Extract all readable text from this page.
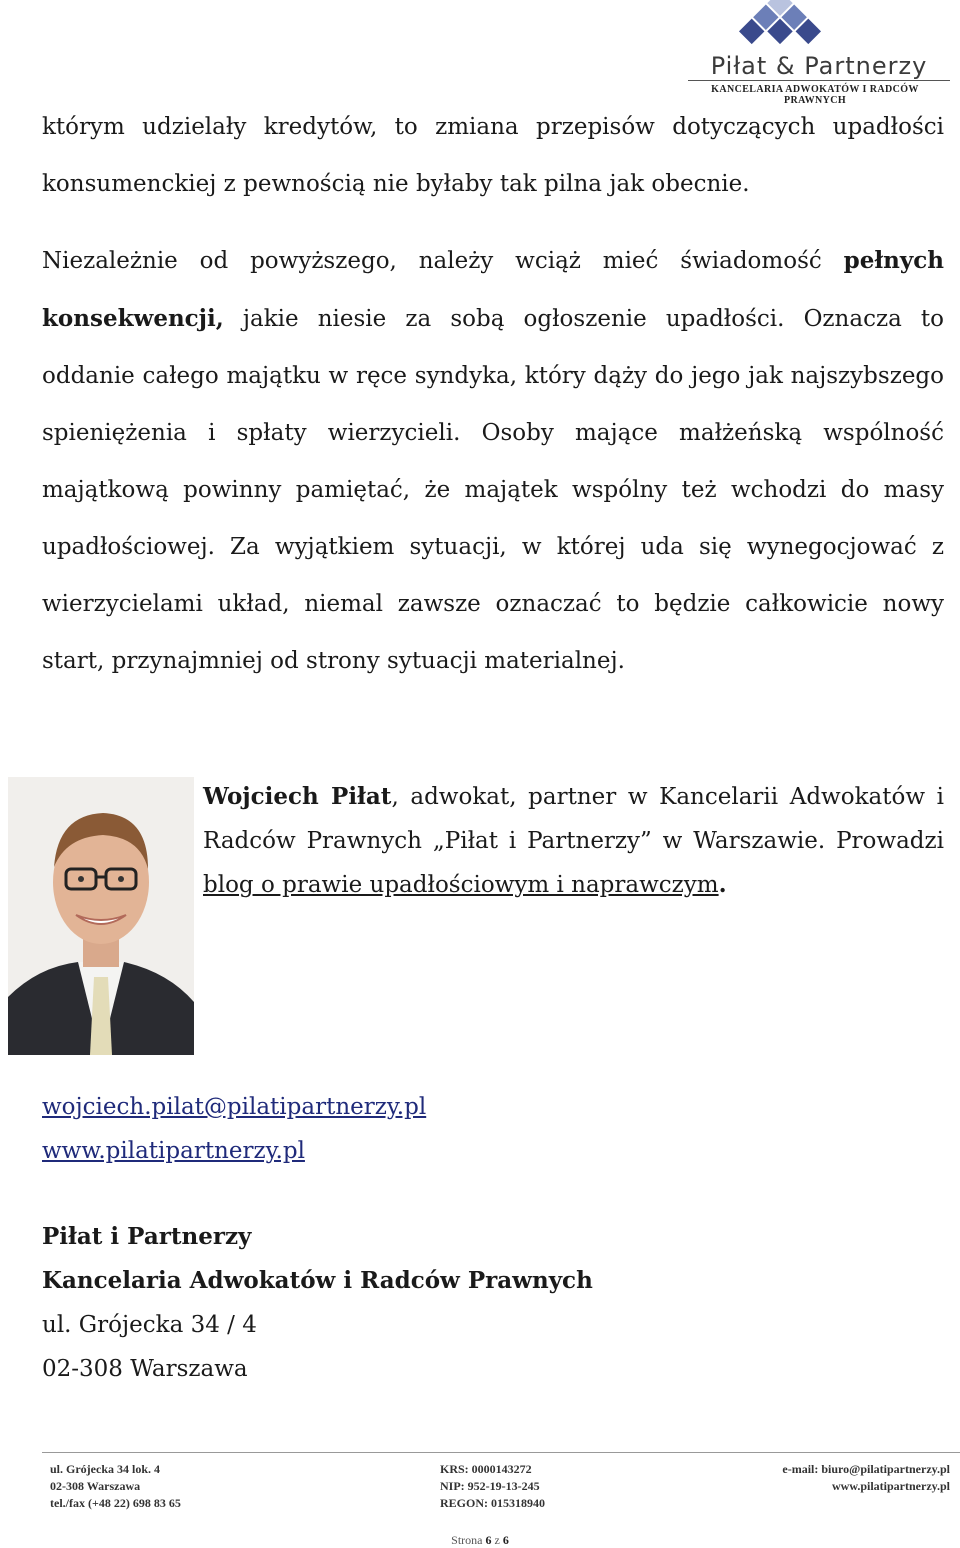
Piłat & Partnerzy
KANCELARIA ADWOKATÓW I RADCÓW PRAWNYCH
którym udzielały kredytów, to zmiana przepisów dotyczących upadłości konsumenckiej z pewnością nie byłaby tak pilna jak obecnie.
Niezależnie od powyższego, należy wciąż mieć świadomość pełnych konsekwencji, jakie niesie za sobą ogłoszenie upadłości. Oznacza to oddanie całego majątku w ręce syndyka, który dąży do jego jak najszybszego spieniężenia i spłaty wierzycieli. Osoby mające małżeńską wspólność majątkową powinny pamiętać, że majątek wspólny też wchodzi do masy upadłościowej. Za wyjątkiem sytuacji, w której uda się wynegocjować z wierzycielami układ, niemal zawsze oznaczać to będzie całkowicie nowy start, przynajmniej od strony sytuacji materialnej.
Wojciech Piłat, adwokat, partner w Kancelarii Adwokatów i Radców Prawnych „Piłat i Partnerzy” w Warszawie. Prowadzi blog o prawie upadłościowym i naprawczym.
wojciech.pilat@pilatipartnerzy.pl
www.pilatipartnerzy.pl
Piłat i Partnerzy
Kancelaria Adwokatów i Radców Prawnych
ul. Grójecka 34 / 4
02-308 Warszawa
ul. Grójecka 34 lok. 4
02-308 Warszawa
tel./fax (+48 22) 698 83 65
KRS: 0000143272
NIP: 952-19-13-245
REGON: 015318940
e-mail: biuro@pilatipartnerzy.pl
www.pilatipartnerzy.pl
Strona 6 z 6
